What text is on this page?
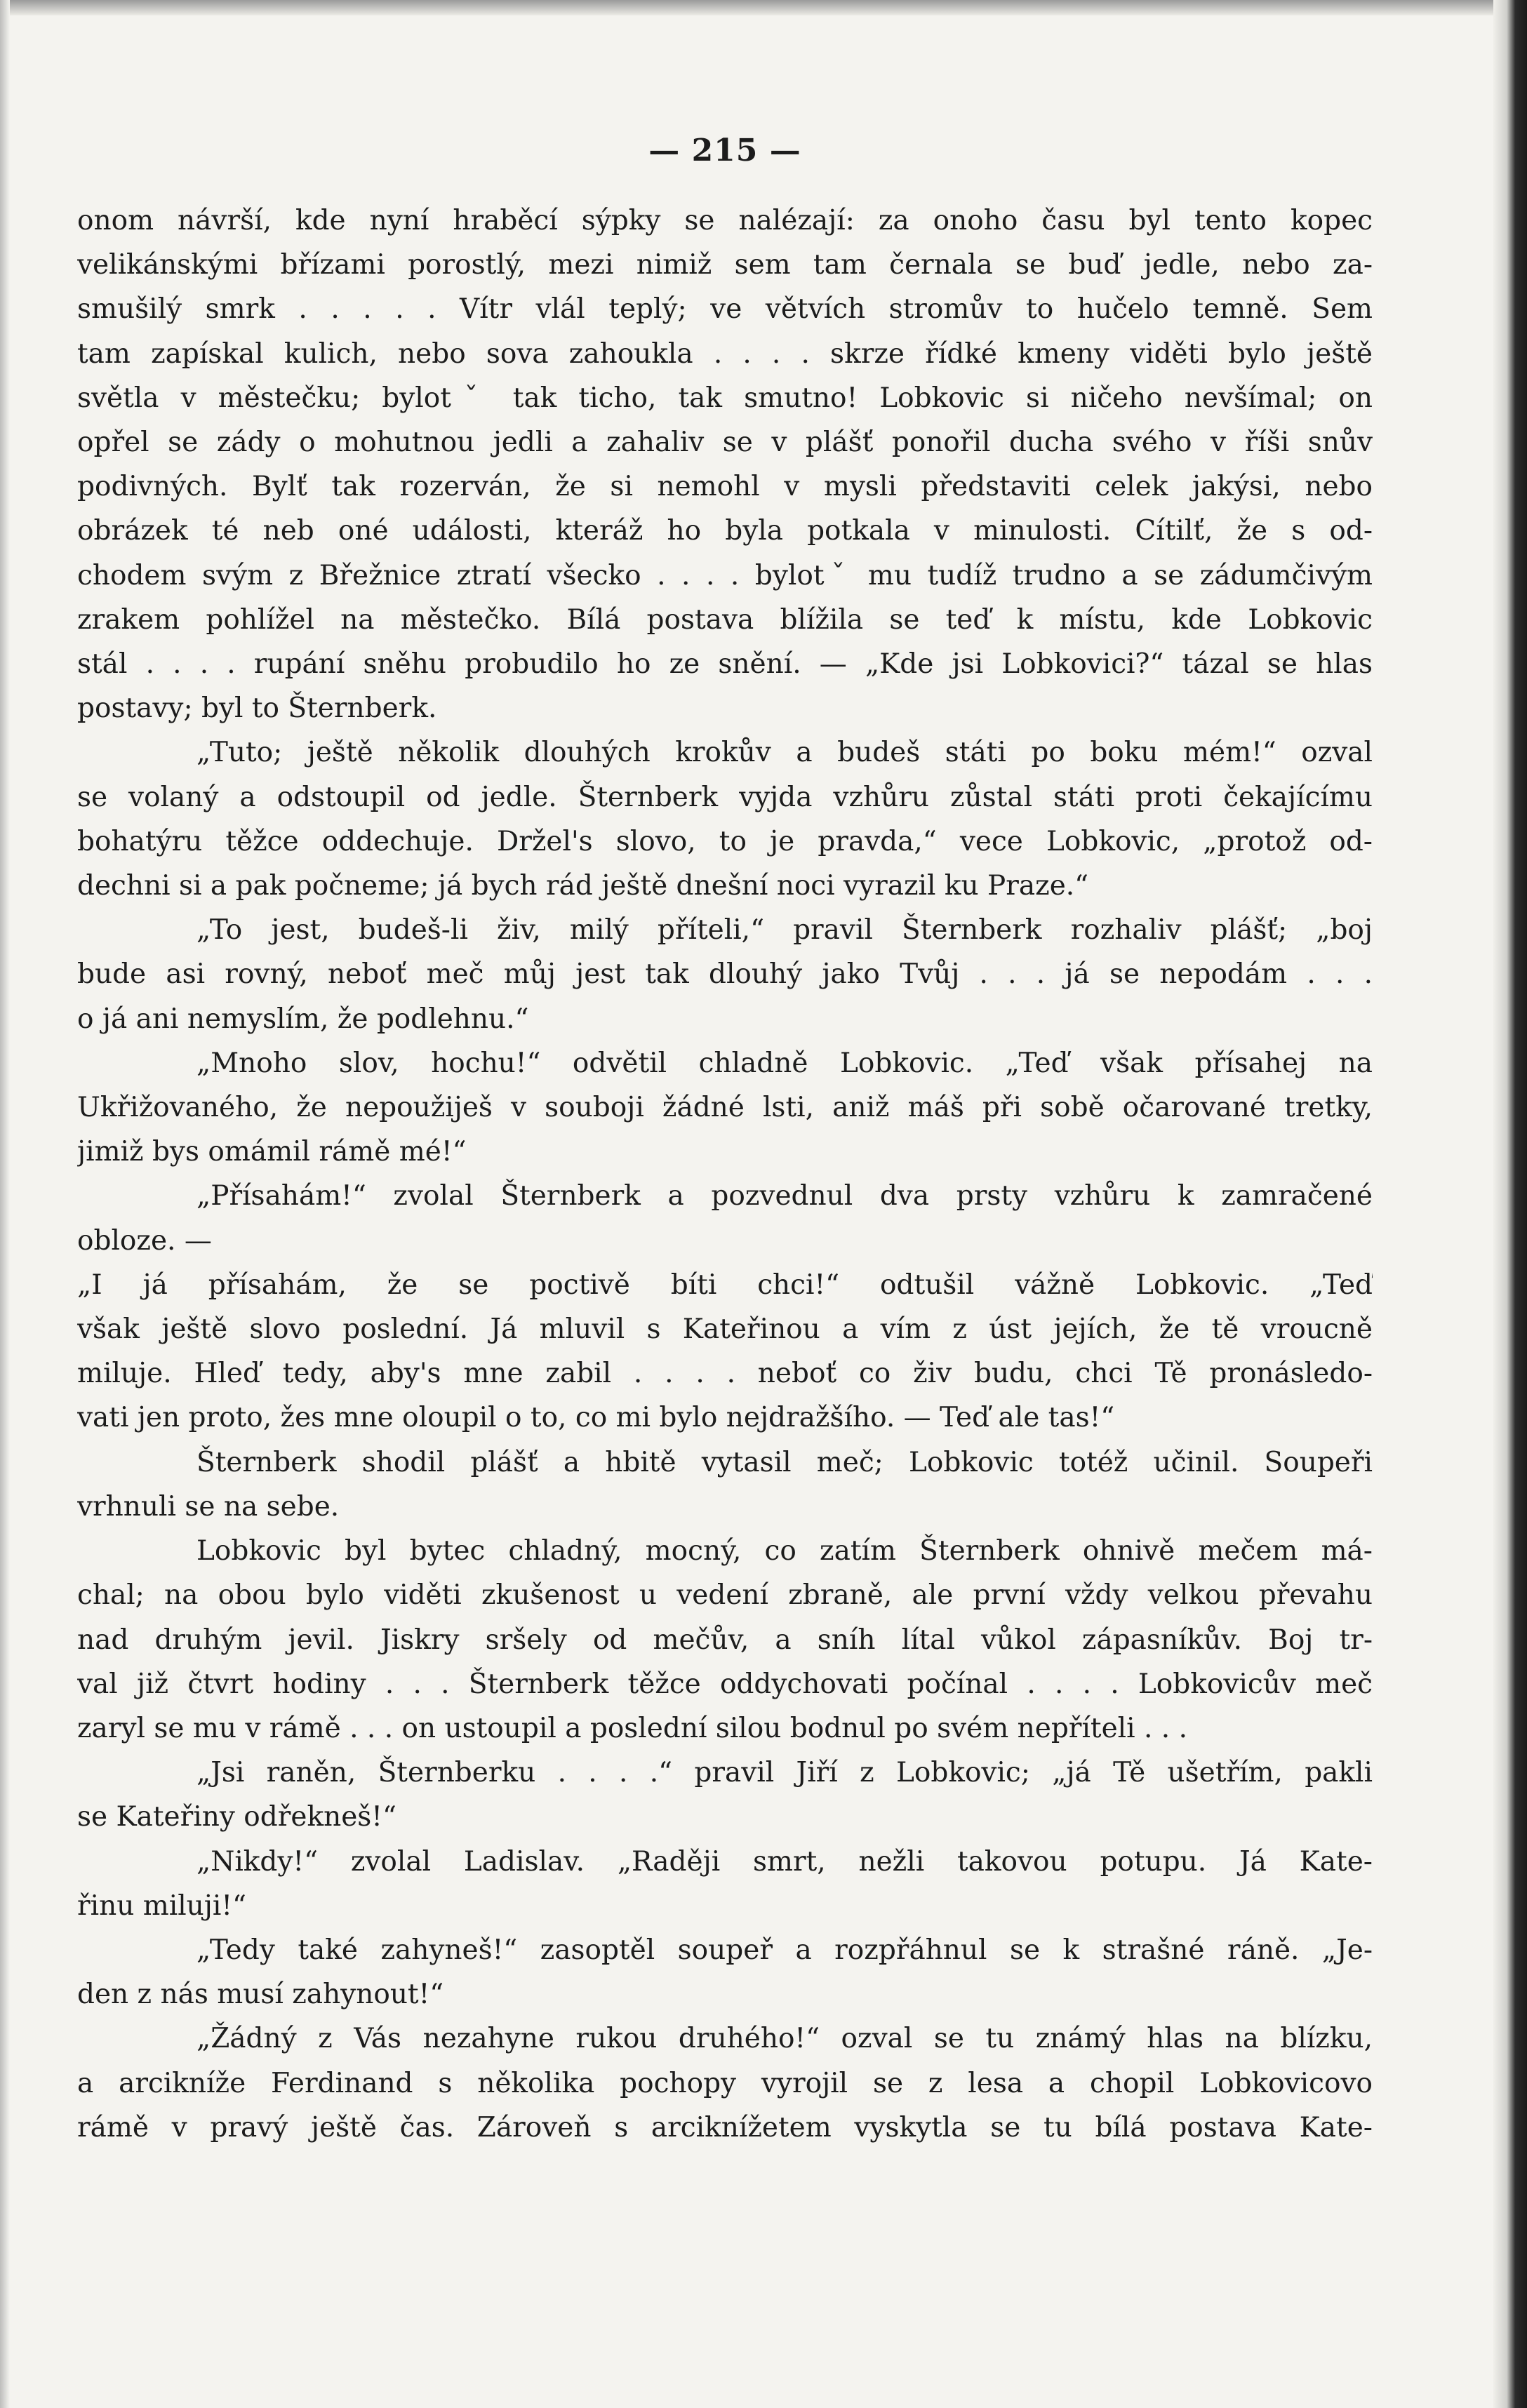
— 215 —
onom návrší, kde nyní hraběcí sýpky se nalézají: za onoho času byl tento kopec
velikánskými břízami porostlý, mezi nimiž sem tam černala se buď jedle, nebo za-
smušilý smrk . . . . . Vítr vlál teplý; ve větvích stromův to hučelo temně. Sem
tam zapískal kulich, nebo sova zahoukla . . . . skrze řídké kmeny viděti bylo ještě
světla v městečku; bylotˇ tak ticho, tak smutno! Lobkovic si ničeho nevšímal; on
opřel se zády o mohutnou jedli a zahaliv se v plášť ponořil ducha svého v říši snův
podivných. Bylť tak rozerván, že si nemohl v mysli představiti celek jakýsi, nebo
obrázek té neb oné události, kteráž ho byla potkala v minulosti. Cítilť, že s od-
chodem svým z Břežnice ztratí všecko . . . . bylotˇ mu tudíž trudno a se zádumčivým
zrakem pohlížel na městečko. Bílá postava blížila se teď k místu, kde Lobkovic
stál . . . . rupání sněhu probudilo ho ze snění. — „Kde jsi Lobkovici?“ tázal se hlas
postavy; byl to Šternberk.
„Tuto; ještě několik dlouhých krokův a budeš státi po boku mém!“ ozval
se volaný a odstoupil od jedle. Šternberk vyjda vzhůru zůstal státi proti čekajícímu
bohatýru těžce oddechuje. Držel's slovo, to je pravda,“ vece Lobkovic, „protož od-
dechni si a pak počneme; já bych rád ještě dnešní noci vyrazil ku Praze.“
„To jest, budeš-li živ, milý příteli,“ pravil Šternberk rozhaliv plášť; „boj
bude asi rovný, neboť meč můj jest tak dlouhý jako Tvůj . . . já se nepodám . . .
o já ani nemyslím, že podlehnu.“
„Mnoho slov, hochu!“ odvětil chladně Lobkovic. „Teď však přísahej na
Ukřižovaného, že nepoužiješ v souboji žádné lsti, aniž máš při sobě očarované tretky,
jimiž bys omámil rámě mé!“
„Přísahám!“ zvolal Šternberk a pozvednul dva prsty vzhůru k zamračené
obloze. —
„I já přísahám, že se poctivě bíti chci!“ odtušil vážně Lobkovic. „Teď
však ještě slovo poslední. Já mluvil s Kateřinou a vím z úst jejích, že tě vroucně
miluje. Hleď tedy, aby's mne zabil . . . . neboť co živ budu, chci Tě pronásledo-
vati jen proto, žes mne oloupil o to, co mi bylo nejdražšího. — Teď ale tas!“
Šternberk shodil plášť a hbitě vytasil meč; Lobkovic totéž učinil. Soupeři
vrhnuli se na sebe.
Lobkovic byl bytec chladný, mocný, co zatím Šternberk ohnivě mečem má-
chal; na obou bylo viděti zkušenost u vedení zbraně, ale první vždy velkou převahu
nad druhým jevil. Jiskry sršely od mečův, a sníh lítal vůkol zápasníkův. Boj tr-
val již čtvrt hodiny . . . Šternberk těžce oddychovati počínal . . . . Lobkovicův meč
zaryl se mu v rámě . . . on ustoupil a poslední silou bodnul po svém nepříteli . . .
„Jsi raněn, Šternberku . . . .“ pravil Jiří z Lobkovic; „já Tě ušetřím, pakli
se Kateřiny odřekneš!“
„Nikdy!“ zvolal Ladislav. „Raději smrt, nežli takovou potupu. Já Kate-
řinu miluji!“
„Tedy také zahyneš!“ zasoptěl soupeř a rozpřáhnul se k strašné ráně. „Je-
den z nás musí zahynout!“
„Žádný z Vás nezahyne rukou druhého!“ ozval se tu známý hlas na blízku,
a arcikníže Ferdinand s několika pochopy vyrojil se z lesa a chopil Lobkovicovo
rámě v pravý ještě čas. Zároveň s arciknížetem vyskytla se tu bílá postava Kate-
